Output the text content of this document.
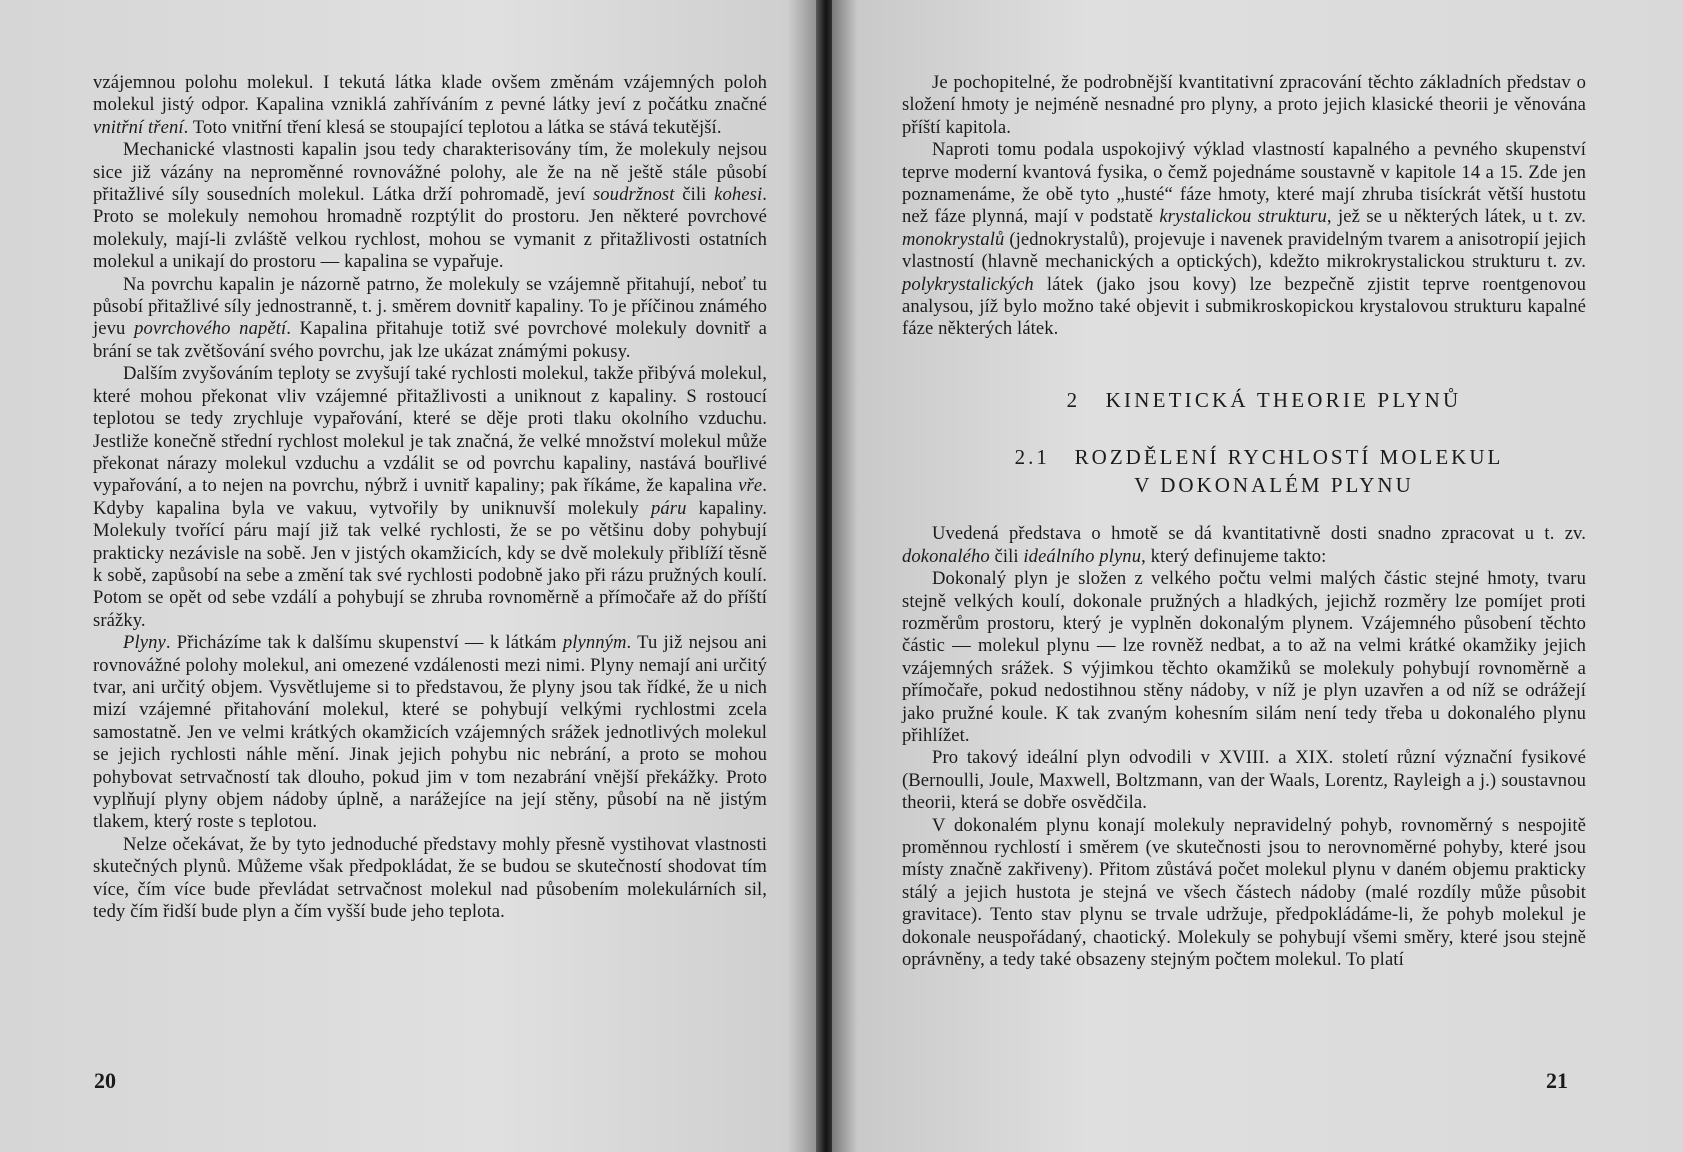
vzájemnou polohu molekul. I tekutá látka klade ovšem změnám vzájemných poloh molekul jistý odpor. Kapalina vzniklá zahříváním z pevné látky jeví z počátku značné vnitřní tření. Toto vnitřní tření klesá se stoupající teplotou a látka se stává tekutější.

Mechanické vlastnosti kapalin jsou tedy charakterisovány tím, že molekuly nejsou sice již vázány na neproměnné rovnovážné polohy, ale že na ně ještě stále působí přitažlivé síly sousedních molekul. Látka drží pohromadě, jeví soudržnost čili kohesi. Proto se molekuly nemohou hromadně rozptýlit do prostoru. Jen některé povrchové molekuly, mají-li zvláště velkou rychlost, mohou se vymanit z přitažlivosti ostatních molekul a unikají do prostoru — kapalina se vypařuje.

Na povrchu kapalin je názorně patrno, že molekuly se vzájemně přitahují, neboť tu působí přitažlivé síly jednostranně, t. j. směrem dovnitř kapaliny. To je příčinou známého jevu povrchového napětí. Kapalina přitahuje totiž své povrchové molekuly dovnitř a brání se tak zvětšování svého povrchu, jak lze ukázat známými pokusy.

Dalším zvyšováním teploty se zvyšují také rychlosti molekul, takže přibývá molekul, které mohou překonat vliv vzájemné přitažlivosti a uniknout z kapaliny. S rostoucí teplotou se tedy zrychluje vypařování, které se děje proti tlaku okolního vzduchu. Jestliže konečně střední rychlost molekul je tak značná, že velké množství molekul může překonat nárazy molekul vzduchu a vzdálit se od povrchu kapaliny, nastává bouřlivé vypařování, a to nejen na povrchu, nýbrž i uvnitř kapaliny; pak říkáme, že kapalina vře. Kdyby kapalina byla ve vakuu, vytvořily by uniknuvší molekuly páru kapaliny. Molekuly tvořící páru mají již tak velké rychlosti, že se po většinu doby pohybují prakticky nezávisle na sobě. Jen v jistých okamžicích, kdy se dvě molekuly přiblíží těsně k sobě, zapůsobí na sebe a změní tak své rychlosti podobně jako při rázu pružných koulí. Potom se opět od sebe vzdálí a pohybují se zhruba rovnoměrně a přímočaře až do příští srážky.

Plyny. Přicházíme tak k dalšímu skupenství — k látkám plynným. Tu již nejsou ani rovnovážné polohy molekul, ani omezené vzdálenosti mezi nimi. Plyny nemají ani určitý tvar, ani určitý objem. Vysvětlujeme si to představou, že plyny jsou tak řídké, že u nich mizí vzájemné přitahování molekul, které se pohybují velkými rychlostmi zcela samostatně. Jen ve velmi krátkých okamžicích vzájemných srážek jednotlivých molekul se jejich rychlosti náhle mění. Jinak jejich pohybu nic nebrání, a proto se mohou pohybovat setrvačností tak dlouho, pokud jim v tom nezabrání vnější překážky. Proto vyplňují plyny objem nádoby úplně, a narážejíce na její stěny, působí na ně jistým tlakem, který roste s teplotou.

Nelze očekávat, že by tyto jednoduché představy mohly přesně vystihovat vlastnosti skutečných plynů. Můžeme však předpokládat, že se budou se skutečností shodovat tím více, čím více bude převládat setrvačnost molekul nad působením molekulárních sil, tedy čím řidší bude plyn a čím vyšší bude jeho teplota.

20

Je pochopitelné, že podrobnější kvantitativní zpracování těchto základních představ o složení hmoty je nejméně nesnadné pro plyny, a proto jejich klasické theorii je věnována příští kapitola.

Naproti tomu podala uspokojivý výklad vlastností kapalného a pevného skupenství teprve moderní kvantová fysika, o čemž pojednáme soustavně v kapitole 14 a 15. Zde jen poznamenáme, že obě tyto „husté“ fáze hmoty, které mají zhruba tisíckrát větší hustotu než fáze plynná, mají v podstatě krystalickou strukturu, jež se u některých látek, u t. zv. monokrystalů (jednokrystalů), projevuje i navenek pravidelným tvarem a anisotropií jejich vlastností (hlavně mechanických a optických), kdežto mikrokrystalickou strukturu t. zv. polykrystalických látek (jako jsou kovy) lze bezpečně zjistit teprve roentgenovou analysou, jíž bylo možno také objevit i submikroskopickou krystalovou strukturu kapalné fáze některých látek.

2   KINETICKÁ THEORIE PLYNŮ
2.1   ROZDĚLENÍ RYCHLOSTÍ MOLEKUL
V DOKONALÉM PLYNU

Uvedená představa o hmotě se dá kvantitativně dosti snadno zpracovat u t. zv. dokonalého čili ideálního plynu, který definujeme takto:

Dokonalý plyn je složen z velkého počtu velmi malých částic stejné hmoty, tvaru stejně velkých koulí, dokonale pružných a hladkých, jejichž rozměry lze pomíjet proti rozměrům prostoru, který je vyplněn dokonalým plynem. Vzájemného působení těchto částic — molekul plynu — lze rovněž nedbat, a to až na velmi krátké okamžiky jejich vzájemných srážek. S výjimkou těchto okamžiků se molekuly pohybují rovnoměrně a přímočaře, pokud nedostihnou stěny nádoby, v níž je plyn uzavřen a od níž se odrážejí jako pružné koule. K tak zvaným kohesním silám není tedy třeba u dokonalého plynu přihlížet.

Pro takový ideální plyn odvodili v XVIII. a XIX. století různí význační fysikové (Bernoulli, Joule, Maxwell, Boltzmann, van der Waals, Lorentz, Rayleigh a j.) soustavnou theorii, která se dobře osvědčila.

V dokonalém plynu konají molekuly nepravidelný pohyb, rovnoměrný s nespojitě proměnnou rychlostí i směrem (ve skutečnosti jsou to nerovnoměrné pohyby, které jsou místy značně zakřiveny). Přitom zůstává počet molekul plynu v daném objemu prakticky stálý a jejich hustota je stejná ve všech částech nádoby (malé rozdíly může působit gravitace). Tento stav plynu se trvale udržuje, předpokládáme-li, že pohyb molekul je dokonale neuspořádaný, chaotický. Molekuly se pohybují všemi směry, které jsou stejně oprávněny, a tedy také obsazeny stejným počtem molekul. To platí

21
